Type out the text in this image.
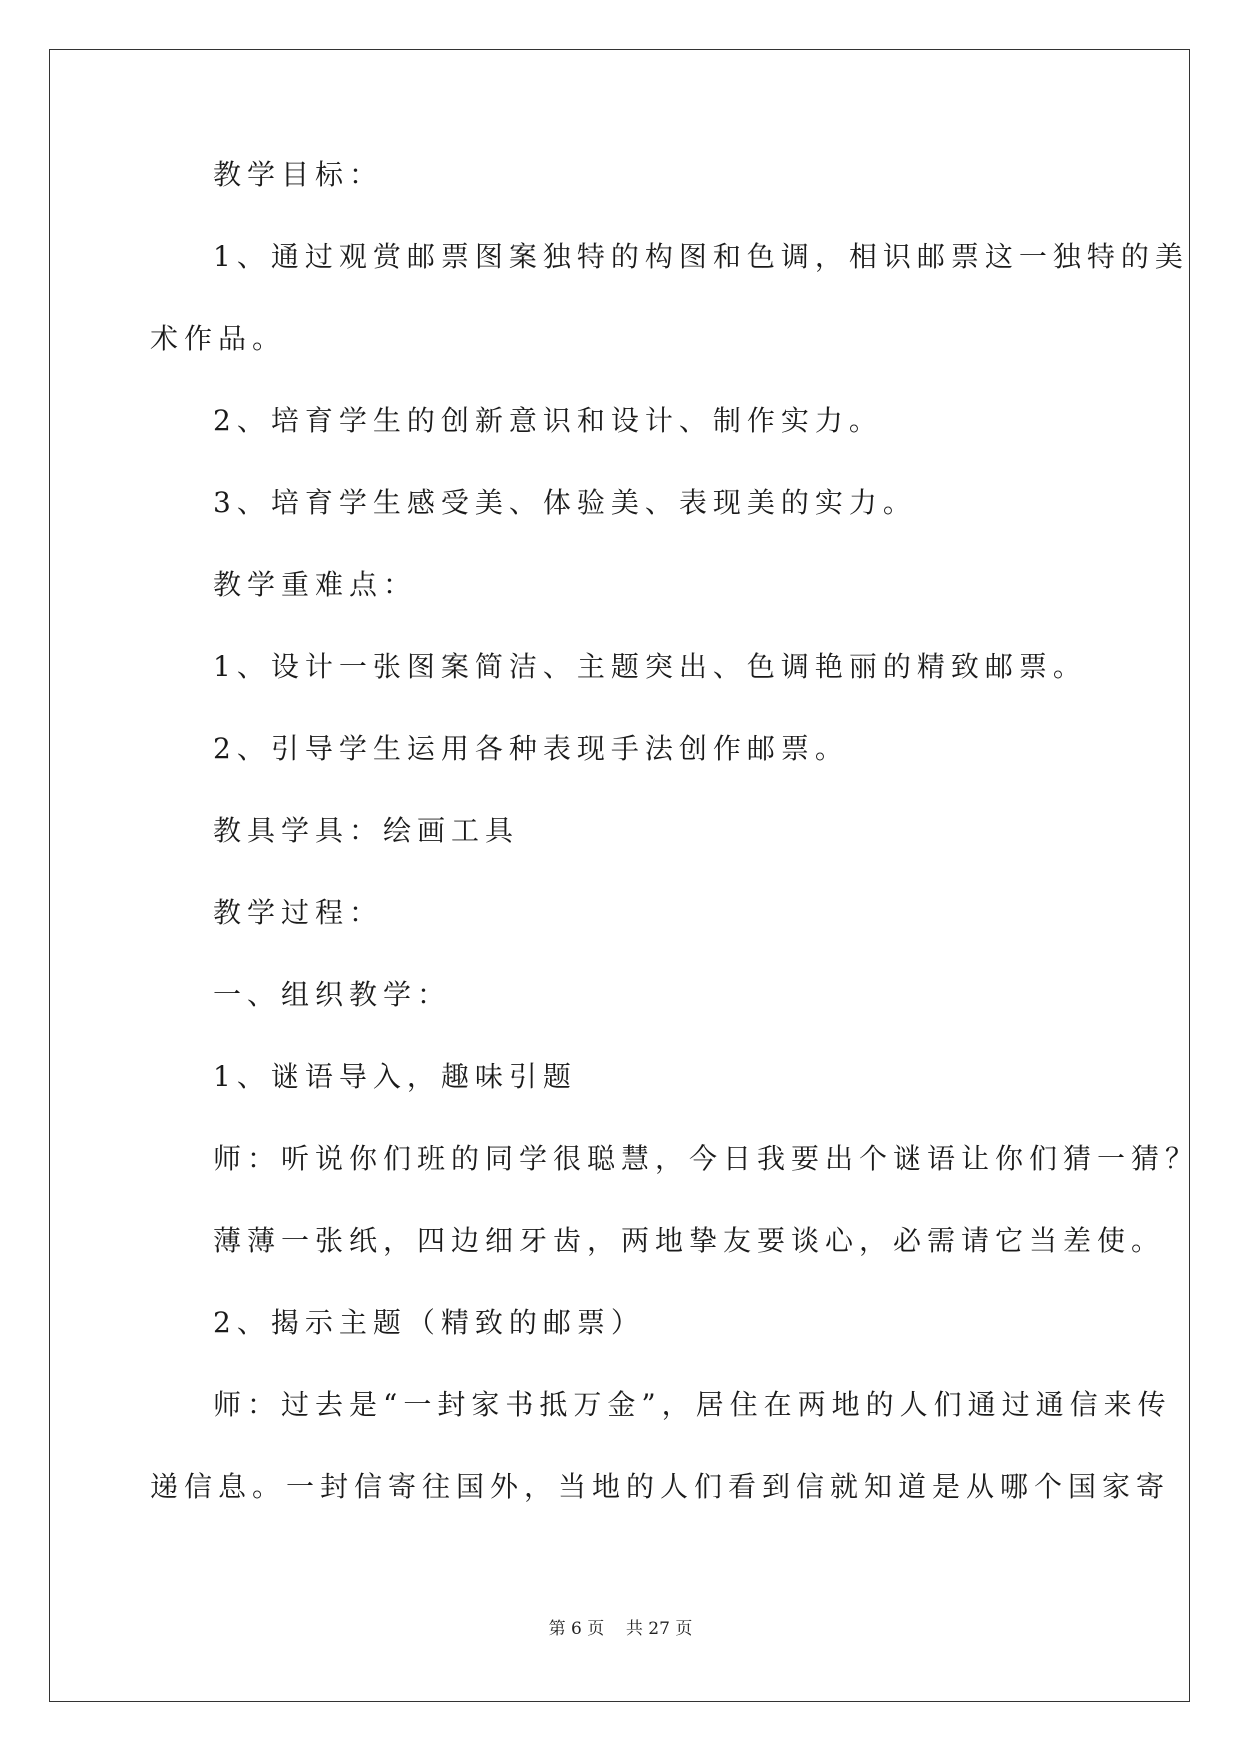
教学目标：

1、通过观赏邮票图案独特的构图和色调，相识邮票这一独特的美

术作品。

2、培育学生的创新意识和设计、制作实力。

3、培育学生感受美、体验美、表现美的实力。

教学重难点：

1、设计一张图案简洁、主题突出、色调艳丽的精致邮票。

2、引导学生运用各种表现手法创作邮票。

教具学具：绘画工具

教学过程：

一、组织教学：

1、谜语导入，趣味引题

师：听说你们班的同学很聪慧，今日我要出个谜语让你们猜一猜？

薄薄一张纸，四边细牙齿，两地挚友要谈心，必需请它当差使。

2、揭示主题（精致的邮票）

师：过去是“一封家书抵万金”，居住在两地的人们通过通信来传

递信息。一封信寄往国外，当地的人们看到信就知道是从哪个国家寄

第 6 页    共 27 页
